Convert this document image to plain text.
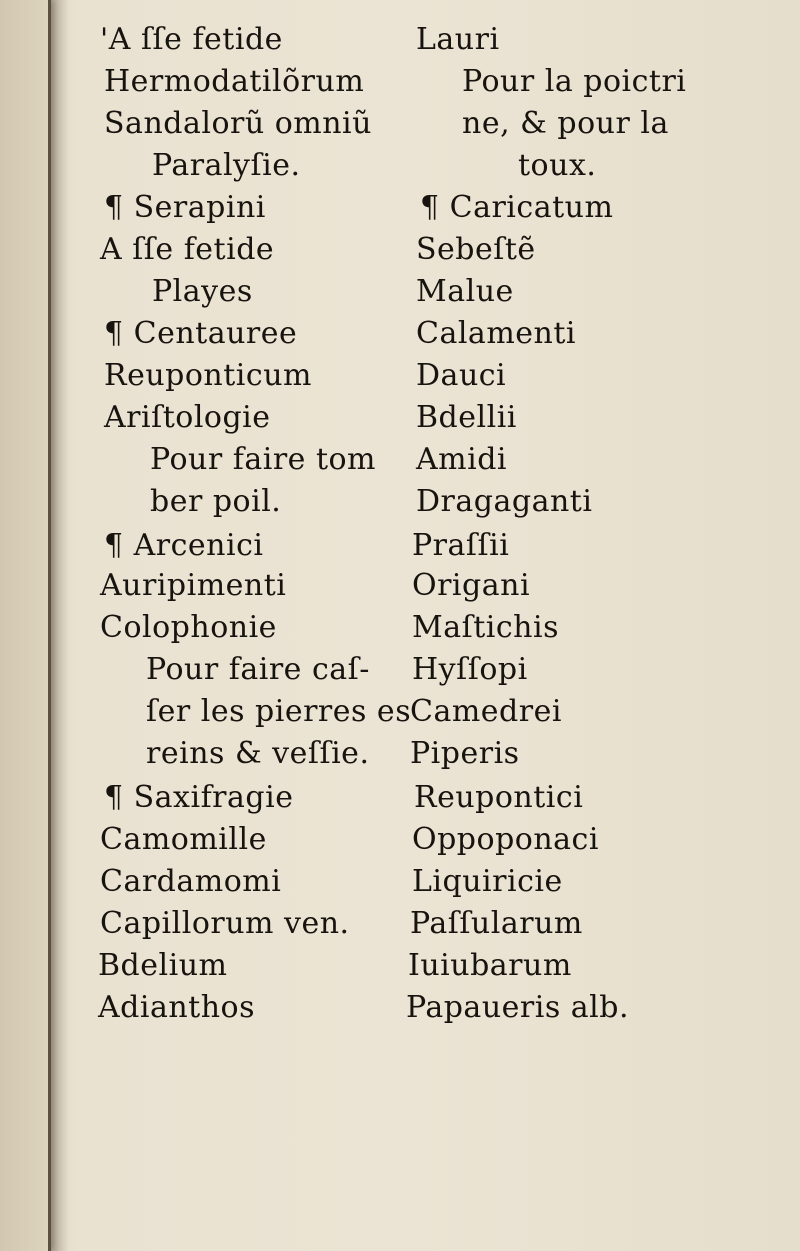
'A ſſe fetide
Hermodatilõrum
Sandalorũ omniũ
Paralyſie.
¶ Serapini
A ſſe fetide
Playes
¶ Centauree
Reuponticum
Ariſtologie
Pour faire tom
ber poil.
¶ Arcenici
Auripimenti
Colophonie
Pour faire caſ-
ſer les pierres es
reins & veſſie.
¶ Saxifragie
Camomille
Cardamomi
Capillorum ven.
Bdelium
Adianthos
Lauri
Pour la poictri
ne, & pour la
toux.
¶ Caricatum
Sebeſtẽ
Malue
Calamenti
Dauci
Bdellii
Amidi
Dragaganti
Praſſii
Origani
Maſtichis
Hyſſopi
Camedrei
Piperis
Reupontici
Oppoponaci
Liquiricie
Paſſularum
Iuiubarum
Papaueris alb.
